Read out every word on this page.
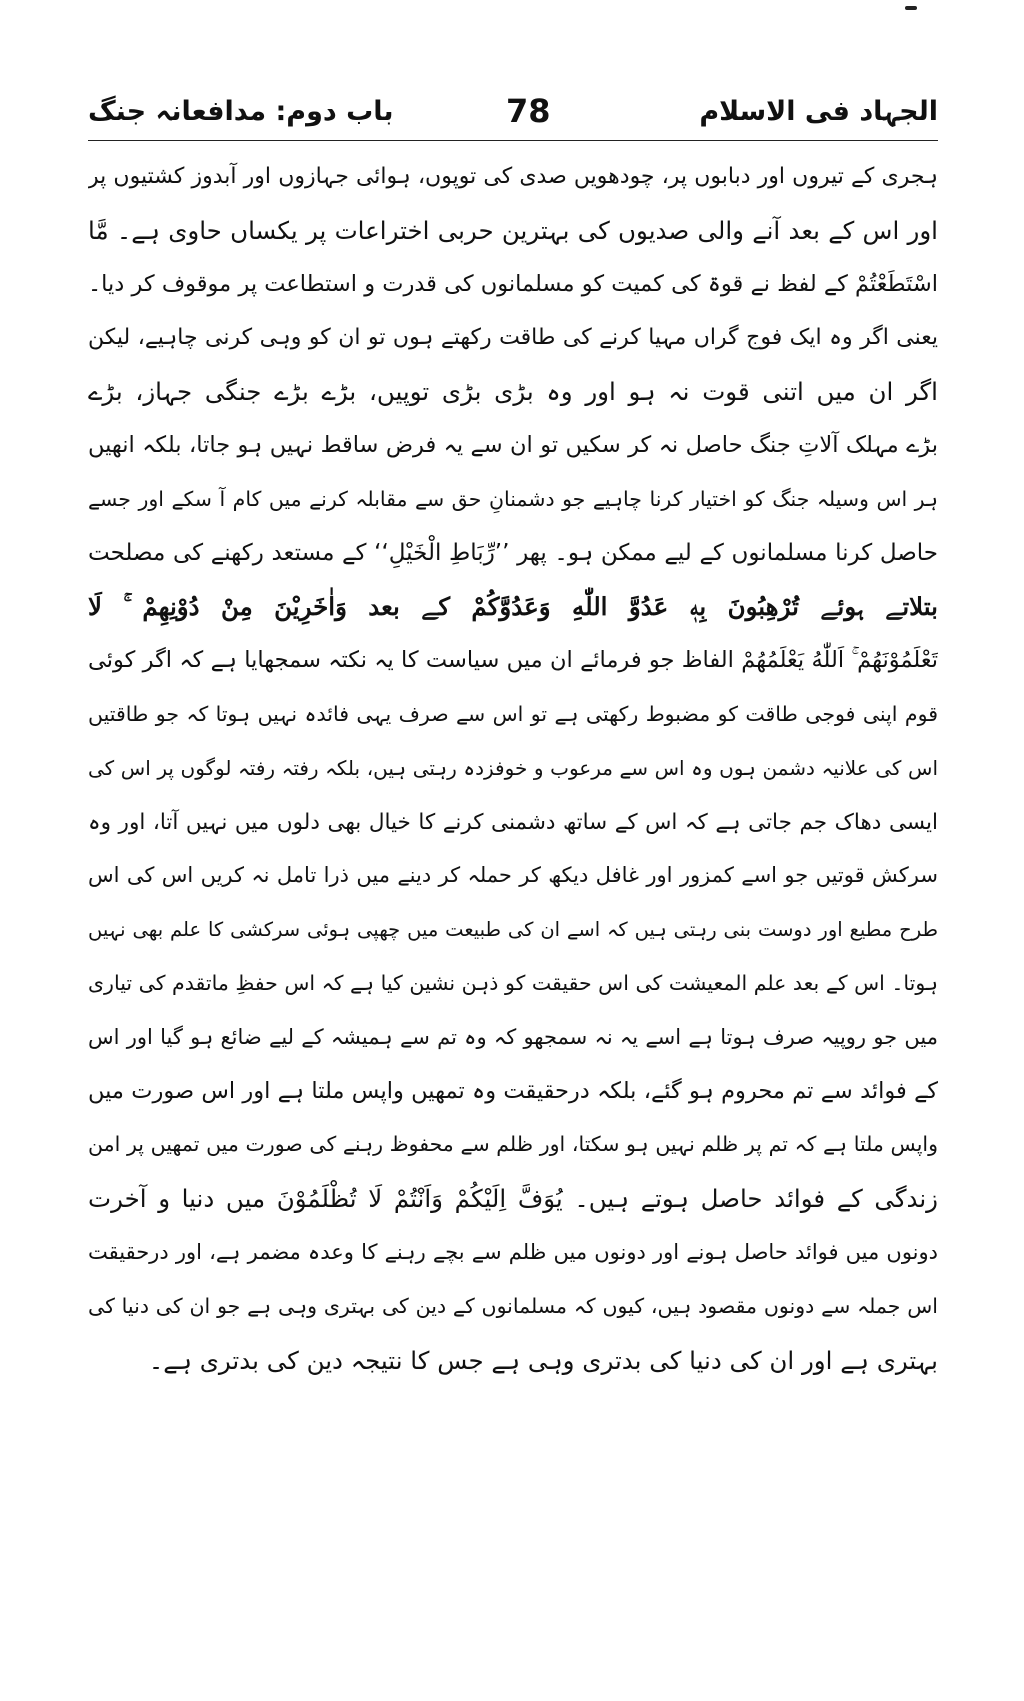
الجہاد فی الاسلام
78
باب دوم: مدافعانہ جنگ
ہجری کے تیروں اور دبابوں پر، چودھویں صدی کی توپوں، ہوائی جہازوں اور آبدوز کشتیوں پر
اور اس کے بعد آنے والی صدیوں کی بہترین حربی اختراعات پر یکساں حاوی ہے۔ مَّا
اسْتَطَعْتُمْ کے لفظ نے قوۃ کی کمیت کو مسلمانوں کی قدرت و استطاعت پر موقوف کر دیا۔
یعنی اگر وہ ایک فوج گراں مہیا کرنے کی طاقت رکھتے ہوں تو ان کو وہی کرنی چاہیے، لیکن
اگر ان میں اتنی قوت نہ ہو اور وہ بڑی بڑی توپیں، بڑے بڑے جنگی جہاز، بڑے
بڑے مہلک آلاتِ جنگ حاصل نہ کر سکیں تو ان سے یہ فرض ساقط نہیں ہو جاتا، بلکہ انھیں
ہر اس وسیلہ جنگ کو اختیار کرنا چاہیے جو دشمنانِ حق سے مقابلہ کرنے میں کام آ سکے اور جسے
حاصل کرنا مسلمانوں کے لیے ممکن ہو۔ پھر ’’رِّبَاطِ الْخَيْلِ‘‘ کے مستعد رکھنے کی مصلحت
بتلاتے ہوئے تُرْهِبُونَ بِهٖ عَدُوَّ اللّٰهِ وَعَدُوَّكُمْ کے بعد وَاٰخَرِيْنَ مِنْ دُوْنِهِمْ ۚ لَا
تَعْلَمُوْنَهُمْ ۚ اَللّٰهُ يَعْلَمُهُمْ الفاظ جو فرمائے ان میں سیاست کا یہ نکتہ سمجھایا ہے کہ اگر کوئی
قوم اپنی فوجی طاقت کو مضبوط رکھتی ہے تو اس سے صرف یہی فائدہ نہیں ہوتا کہ جو طاقتیں
اس کی علانیہ دشمن ہوں وہ اس سے مرعوب و خوفزدہ رہتی ہیں، بلکہ رفتہ رفتہ لوگوں پر اس کی
ایسی دھاک جم جاتی ہے کہ اس کے ساتھ دشمنی کرنے کا خیال بھی دلوں میں نہیں آتا، اور وہ
سرکش قوتیں جو اسے کمزور اور غافل دیکھ کر حملہ کر دینے میں ذرا تامل نہ کریں اس کی اس
طرح مطیع اور دوست بنی رہتی ہیں کہ اسے ان کی طبیعت میں چھپی ہوئی سرکشی کا علم بھی نہیں
ہوتا۔ اس کے بعد علم المعیشت کی اس حقیقت کو ذہن نشین کیا ہے کہ اس حفظِ ماتقدم کی تیاری
میں جو روپیہ صرف ہوتا ہے اسے یہ نہ سمجھو کہ وہ تم سے ہمیشہ کے لیے ضائع ہو گیا اور اس
کے فوائد سے تم محروم ہو گئے، بلکہ درحقیقت وہ تمھیں واپس ملتا ہے اور اس صورت میں
واپس ملتا ہے کہ تم پر ظلم نہیں ہو سکتا، اور ظلم سے محفوظ رہنے کی صورت میں تمھیں پر امن
زندگی کے فوائد حاصل ہوتے ہیں۔ يُوَفَّ اِلَيْكُمْ وَاَنْتُمْ لَا تُظْلَمُوْنَ میں دنیا و آخرت
دونوں میں فوائد حاصل ہونے اور دونوں میں ظلم سے بچے رہنے کا وعدہ مضمر ہے، اور درحقیقت
اس جملہ سے دونوں مقصود ہیں، کیوں کہ مسلمانوں کے دین کی بہتری وہی ہے جو ان کی دنیا کی
بہتری ہے اور ان کی دنیا کی بدتری وہی ہے جس کا نتیجہ دین کی بدتری ہے۔
